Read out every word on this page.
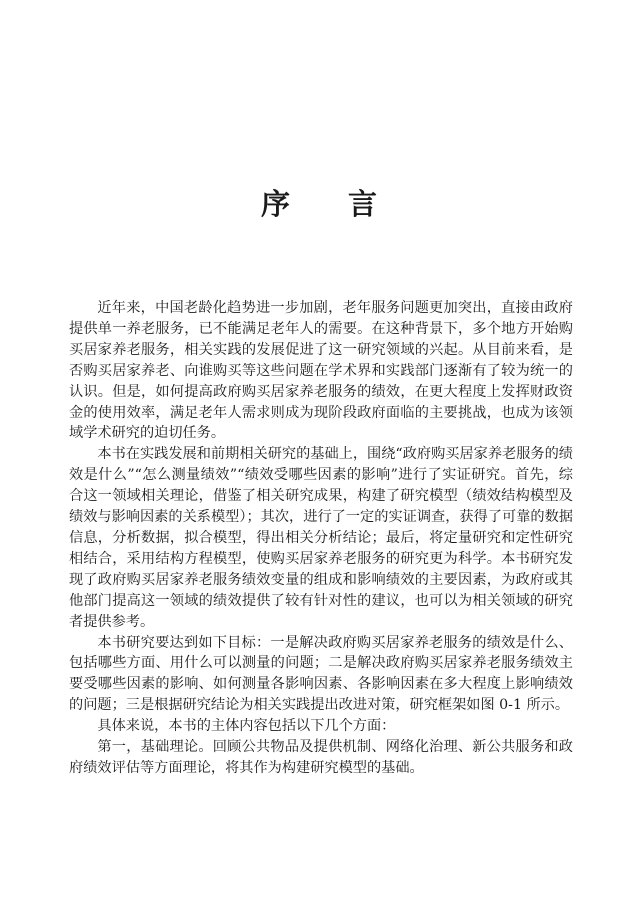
序 言

近年来，中国老龄化趋势进一步加剧，老年服务问题更加突出，直接由政府提供单一养老服务，已不能满足老年人的需要。在这种背景下，多个地方开始购买居家养老服务，相关实践的发展促进了这一研究领域的兴起。从目前来看，是否购买居家养老、向谁购买等这些问题在学术界和实践部门逐渐有了较为统一的认识。但是，如何提高政府购买居家养老服务的绩效，在更大程度上发挥财政资金的使用效率，满足老年人需求则成为现阶段政府面临的主要挑战，也成为该领域学术研究的迫切任务。

本书在实践发展和前期相关研究的基础上，围绕“政府购买居家养老服务的绩效是什么”“怎么测量绩效”“绩效受哪些因素的影响”进行了实证研究。首先，综合这一领域相关理论，借鉴了相关研究成果，构建了研究模型（绩效结构模型及绩效与影响因素的关系模型）；其次，进行了一定的实证调查，获得了可靠的数据信息，分析数据，拟合模型，得出相关分析结论；最后，将定量研究和定性研究相结合，采用结构方程模型，使购买居家养老服务的研究更为科学。本书研究发现了政府购买居家养老服务绩效变量的组成和影响绩效的主要因素，为政府或其他部门提高这一领域的绩效提供了较有针对性的建议，也可以为相关领域的研究者提供参考。

本书研究要达到如下目标：一是解决政府购买居家养老服务的绩效是什么、包括哪些方面、用什么可以测量的问题；二是解决政府购买居家养老服务绩效主要受哪些因素的影响、如何测量各影响因素、各影响因素在多大程度上影响绩效的问题；三是根据研究结论为相关实践提出改进对策，研究框架如图 0-1 所示。

具体来说，本书的主体内容包括以下几个方面：

第一，基础理论。回顾公共物品及提供机制、网络化治理、新公共服务和政府绩效评估等方面理论，将其作为构建研究模型的基础。
